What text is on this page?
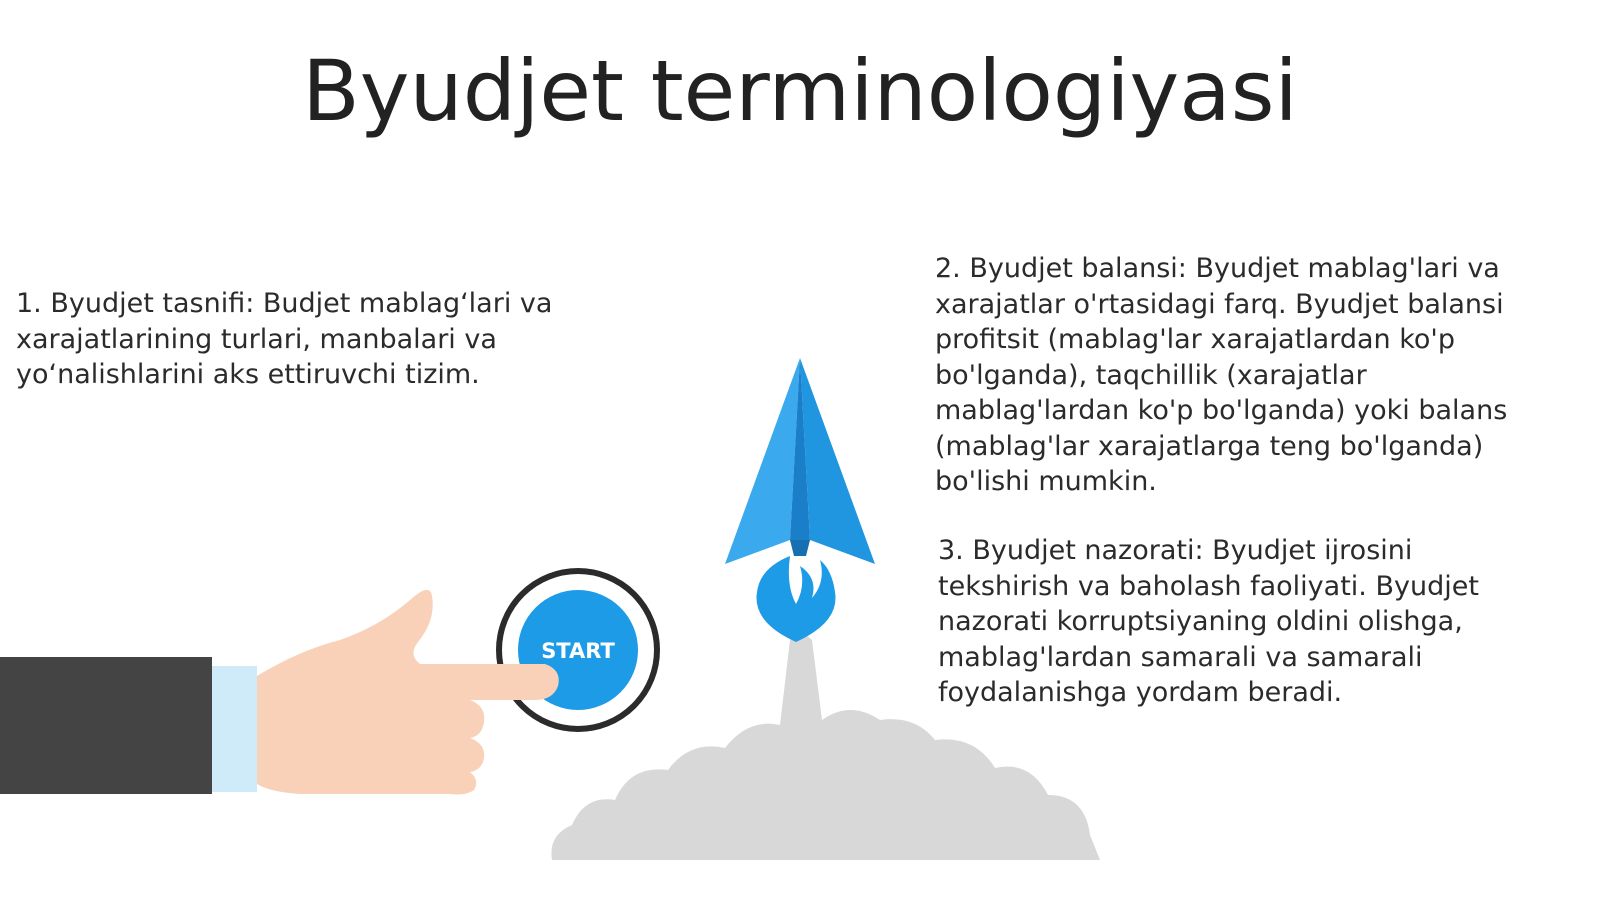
Byudjet terminologiyasi

1. Byudjet tasnifi: Budjet mablag‘lari va
xarajatlarining turlari, manbalari va
yo‘nalishlarini aks ettiruvchi tizim.

2. Byudjet balansi: Byudjet mablag'lari va
xarajatlar o'rtasidagi farq. Byudjet balansi
profitsit (mablag'lar xarajatlardan ko'p
bo'lganda), taqchillik (xarajatlar
mablag'lardan ko'p bo'lganda) yoki balans
(mablag'lar xarajatlarga teng bo'lganda)
bo'lishi mumkin.

3. Byudjet nazorati: Byudjet ijrosini
tekshirish va baholash faoliyati. Byudjet
nazorati korruptsiyaning oldini olishga,
mablag'lardan samarali va samarali
foydalanishga yordam beradi.

START
